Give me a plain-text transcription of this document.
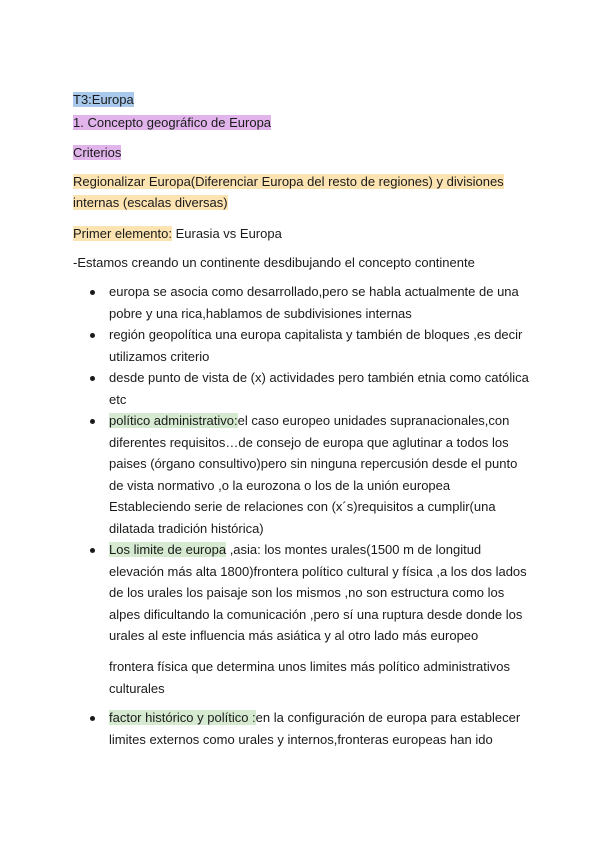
T3:Europa
1. Concepto geográfico de Europa
Criterios
Regionalizar Europa(Diferenciar Europa del resto de regiones) y divisiones
internas (escalas diversas)
Primer elemento: Eurasia vs Europa
-Estamos creando un continente desdibujando el concepto continente
europa se asocia como desarrollado,pero se habla actualmente de una
pobre y una rica,hablamos de subdivisiones internas
región geopolítica una europa capitalista y también de bloques ,es decir
utilizamos criterio
desde punto de vista de (x) actividades pero también etnia como católica
etc
político administrativo:el caso europeo unidades supranacionales,con
diferentes requisitos…de consejo de europa que aglutinar a todos los
paises (órgano consultivo)pero sin ninguna repercusión desde el punto
de vista normativo ,o la eurozona o los de la unión europea
Estableciendo serie de relaciones con (x´s)requisitos a cumplir(una
dilatada tradición histórica)
Los limite de europa ,asia: los montes urales(1500 m de longitud
elevación más alta 1800)frontera político cultural y física ,a los dos lados
de los urales los paisaje son los mismos ,no son estructura como los
alpes dificultando la comunicación ,pero sí una ruptura desde donde los
urales al este influencia más asiática y al otro lado más europeo
frontera física que determina unos limites más político administrativos
culturales
factor histórico y político :en la configuración de europa para establecer
limites externos como urales y internos,fronteras europeas han ido
